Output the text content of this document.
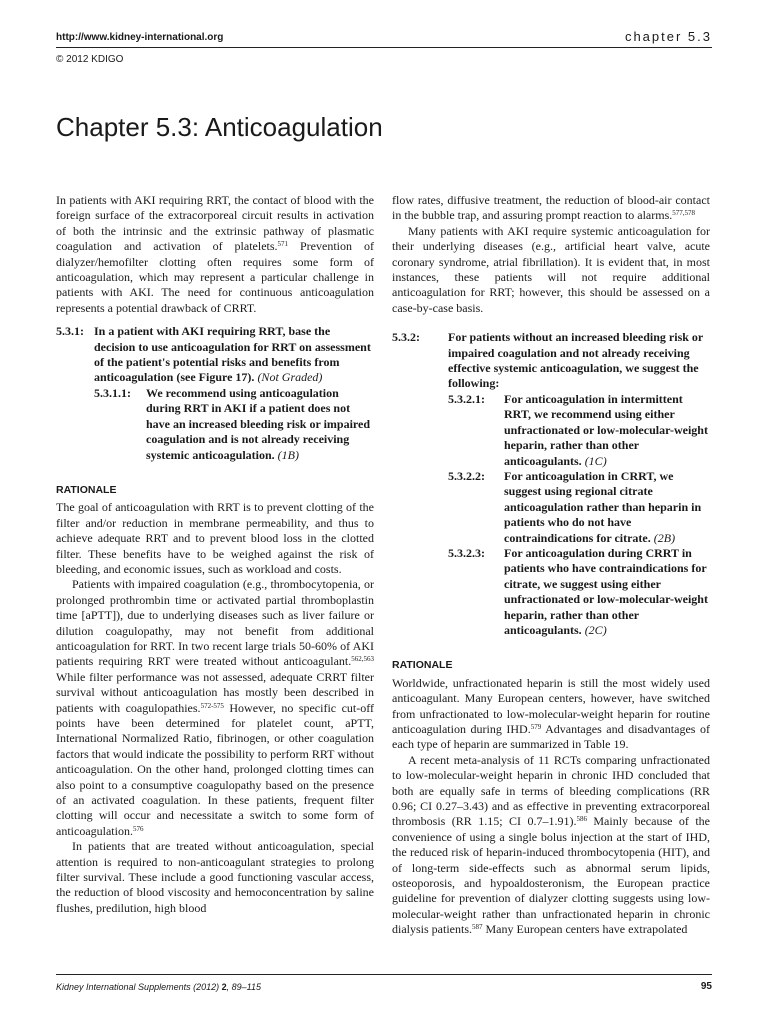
http://www.kidney-international.org	chapter 5.3
© 2012 KDIGO
Chapter 5.3: Anticoagulation

In patients with AKI requiring RRT, the contact of blood with the foreign surface of the extracorporeal circuit results in activation of both the intrinsic and the extrinsic pathway of plasmatic coagulation and activation of platelets.$^{571}$ Prevention of dialyzer/hemofilter clotting often requires some form of anticoagulation, which may represent a particular challenge in patients with AKI. The need for continuous anticoagulation represents a potential drawback of CRRT.

5.3.1: In a patient with AKI requiring RRT, base the decision to use anticoagulation for RRT on assessment of the patient's potential risks and benefits from anticoagulation (see Figure 17). (Not Graded)
5.3.1.1:	We recommend using anticoagulation during RRT in AKI if a patient does not have an increased bleeding risk or impaired coagulation and is not already receiving systemic anticoagulation. (1B)
RATIONALE

The goal of anticoagulation with RRT is to prevent clotting of the filter and/or reduction in membrane permeability, and thus to achieve adequate RRT and to prevent blood loss in the clotted filter. These benefits have to be weighed against the risk of bleeding, and economic issues, such as workload and costs.

Patients with impaired coagulation (e.g., thrombocytopenia, or prolonged prothrombin time or activated partial thromboplastin time [aPTT]), due to underlying diseases such as liver failure or dilution coagulopathy, may not benefit from additional anticoagulation for RRT. In two recent large trials 50-60% of AKI patients requiring RRT were treated without anticoagulant.$^{562,563}$ While filter performance was not assessed, adequate CRRT filter survival without anticoagulation has mostly been described in patients with coagulopathies.$^{572-575}$ However, no specific cut-off points have been determined for platelet count, aPTT, International Normalized Ratio, fibrinogen, or other coagulation factors that would indicate the possibility to perform RRT without anticoagulation. On the other hand, prolonged clotting times can also point to a consumptive coagulopathy based on the presence of an activated coagulation. In these patients, frequent filter clotting will occur and necessitate a switch to some form of anticoagulation.$^{576}$

In patients that are treated without anticoagulation, special attention is required to non-anticoagulant strategies to prolong filter survival. These include a good functioning vascular access, the reduction of blood viscosity and hemoconcentration by saline flushes, predilution, high blood

flow rates, diffusive treatment, the reduction of blood-air contact in the bubble trap, and assuring prompt reaction to alarms.$^{577,578}$

Many patients with AKI require systemic anticoagulation for their underlying diseases (e.g., artificial heart valve, acute coronary syndrome, atrial fibrillation). It is evident that, in most instances, these patients will not require additional anticoagulation for RRT; however, this should be assessed on a case-by-case basis.

5.3.2:	For patients without an increased bleeding risk or impaired coagulation and not already receiving effective systemic anticoagulation, we suggest the following:
5.3.2.1:	For anticoagulation in intermittent RRT, we recommend using either unfractionated or low-molecular-weight heparin, rather than other anticoagulants. (1C)
5.3.2.2:	For anticoagulation in CRRT, we suggest using regional citrate anticoagulation rather than heparin in patients who do not have contraindications for citrate. (2B)
5.3.2.3:	For anticoagulation during CRRT in patients who have contraindications for citrate, we suggest using either unfractionated or low-molecular-weight heparin, rather than other anticoagulants. (2C)
RATIONALE

Worldwide, unfractionated heparin is still the most widely used anticoagulant. Many European centers, however, have switched from unfractionated to low-molecular-weight heparin for routine anticoagulation during IHD.$^{579}$ Advantages and disadvantages of each type of heparin are summarized in Table 19.

A recent meta-analysis of 11 RCTs comparing unfractionated to low-molecular-weight heparin in chronic IHD concluded that both are equally safe in terms of bleeding complications (RR 0.96; CI 0.27–3.43) and as effective in preventing extracorporeal thrombosis (RR 1.15; CI 0.7–1.91).$^{586}$ Mainly because of the convenience of using a single bolus injection at the start of IHD, the reduced risk of heparin-induced thrombocytopenia (HIT), and of long-term side-effects such as abnormal serum lipids, osteoporosis, and hypoaldosteronism, the European practice guideline for prevention of dialyzer clotting suggests using low-molecular-weight rather than unfractionated heparin in chronic dialysis patients.$^{587}$ Many European centers have extrapolated

Kidney International Supplements (2012) 2, 89–115	95
